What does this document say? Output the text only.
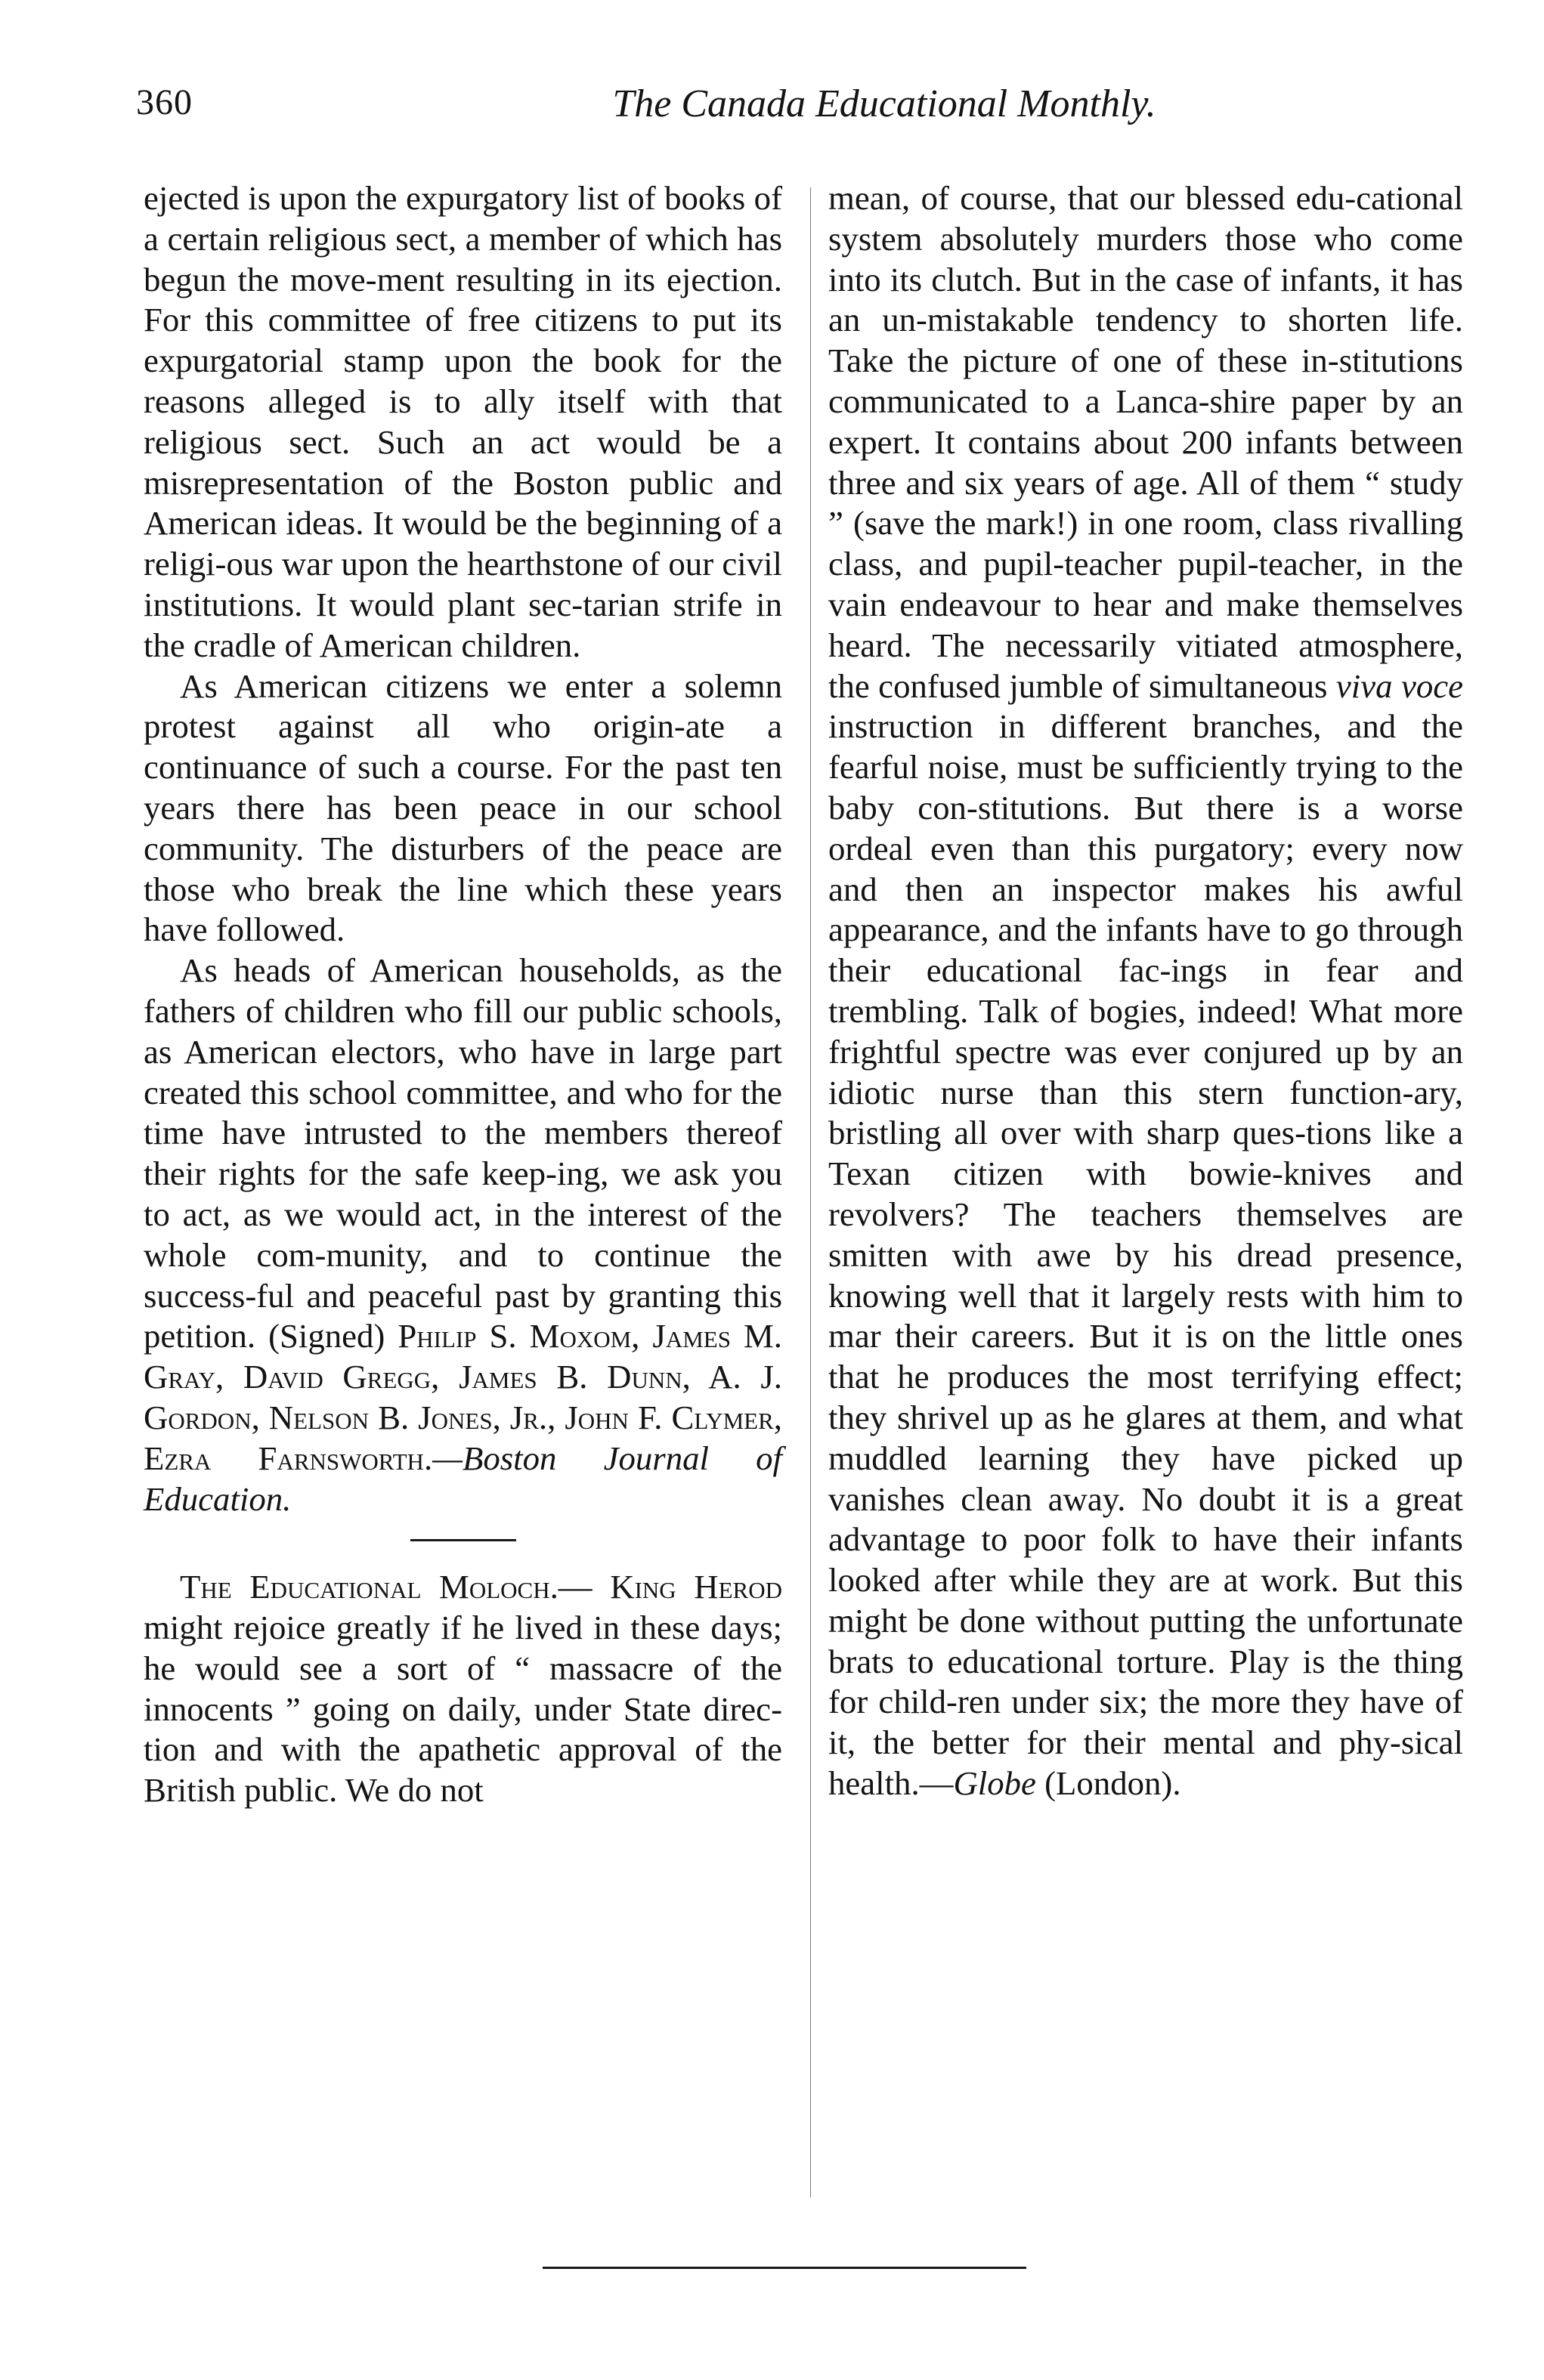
360	The Canada Educational Monthly.

ejected is upon the expurgatory list of books of a certain religious sect, a member of which has begun the move-ment resulting in its ejection. For this committee of free citizens to put its expurgatorial stamp upon the book for the reasons alleged is to ally itself with that religious sect. Such an act would be a misrepresentation of the Boston public and American ideas. It would be the beginning of a religi-ous war upon the hearthstone of our civil institutions. It would plant sec-tarian strife in the cradle of American children.

As American citizens we enter a solemn protest against all who origin-ate a continuance of such a course. For the past ten years there has been peace in our school community. The disturbers of the peace are those who break the line which these years have followed.

As heads of American households, as the fathers of children who fill our public schools, as American electors, who have in large part created this school committee, and who for the time have intrusted to the members thereof their rights for the safe keep-ing, we ask you to act, as we would act, in the interest of the whole com-munity, and to continue the success-ful and peaceful past by granting this petition. (Signed) Philip S. Moxom, James M. Gray, David Gregg, James B. Dunn, A. J. Gordon, Nelson B. Jones, Jr., John F. Clymer, Ezra Farnsworth.—Boston Journal of Education.

The Educational Moloch.— King Herod might rejoice greatly if he lived in these days; he would see a sort of “ massacre of the innocents ” going on daily, under State direc-tion and with the apathetic approval of the British public. We do not

mean, of course, that our blessed edu-cational system absolutely murders those who come into its clutch. But in the case of infants, it has an un-mistakable tendency to shorten life. Take the picture of one of these in-stitutions communicated to a Lanca-shire paper by an expert. It contains about 200 infants between three and six years of age. All of them “ study ” (save the mark!) in one room, class rivalling class, and pupil-teacher pupil-teacher, in the vain endeavour to hear and make themselves heard. The necessarily vitiated atmosphere, the confused jumble of simultaneous viva voce instruction in different branches, and the fearful noise, must be sufficiently trying to the baby con-stitutions. But there is a worse ordeal even than this purgatory; every now and then an inspector makes his awful appearance, and the infants have to go through their educational fac-ings in fear and trembling. Talk of bogies, indeed! What more frightful spectre was ever conjured up by an idiotic nurse than this stern function-ary, bristling all over with sharp ques-tions like a Texan citizen with bowie-knives and revolvers? The teachers themselves are smitten with awe by his dread presence, knowing well that it largely rests with him to mar their careers. But it is on the little ones that he produces the most terrifying effect; they shrivel up as he glares at them, and what muddled learning they have picked up vanishes clean away. No doubt it is a great advantage to poor folk to have their infants looked after while they are at work. But this might be done without putting the unfortunate brats to educational torture. Play is the thing for child-ren under six; the more they have of it, the better for their mental and phy-sical health.—Globe (London).
